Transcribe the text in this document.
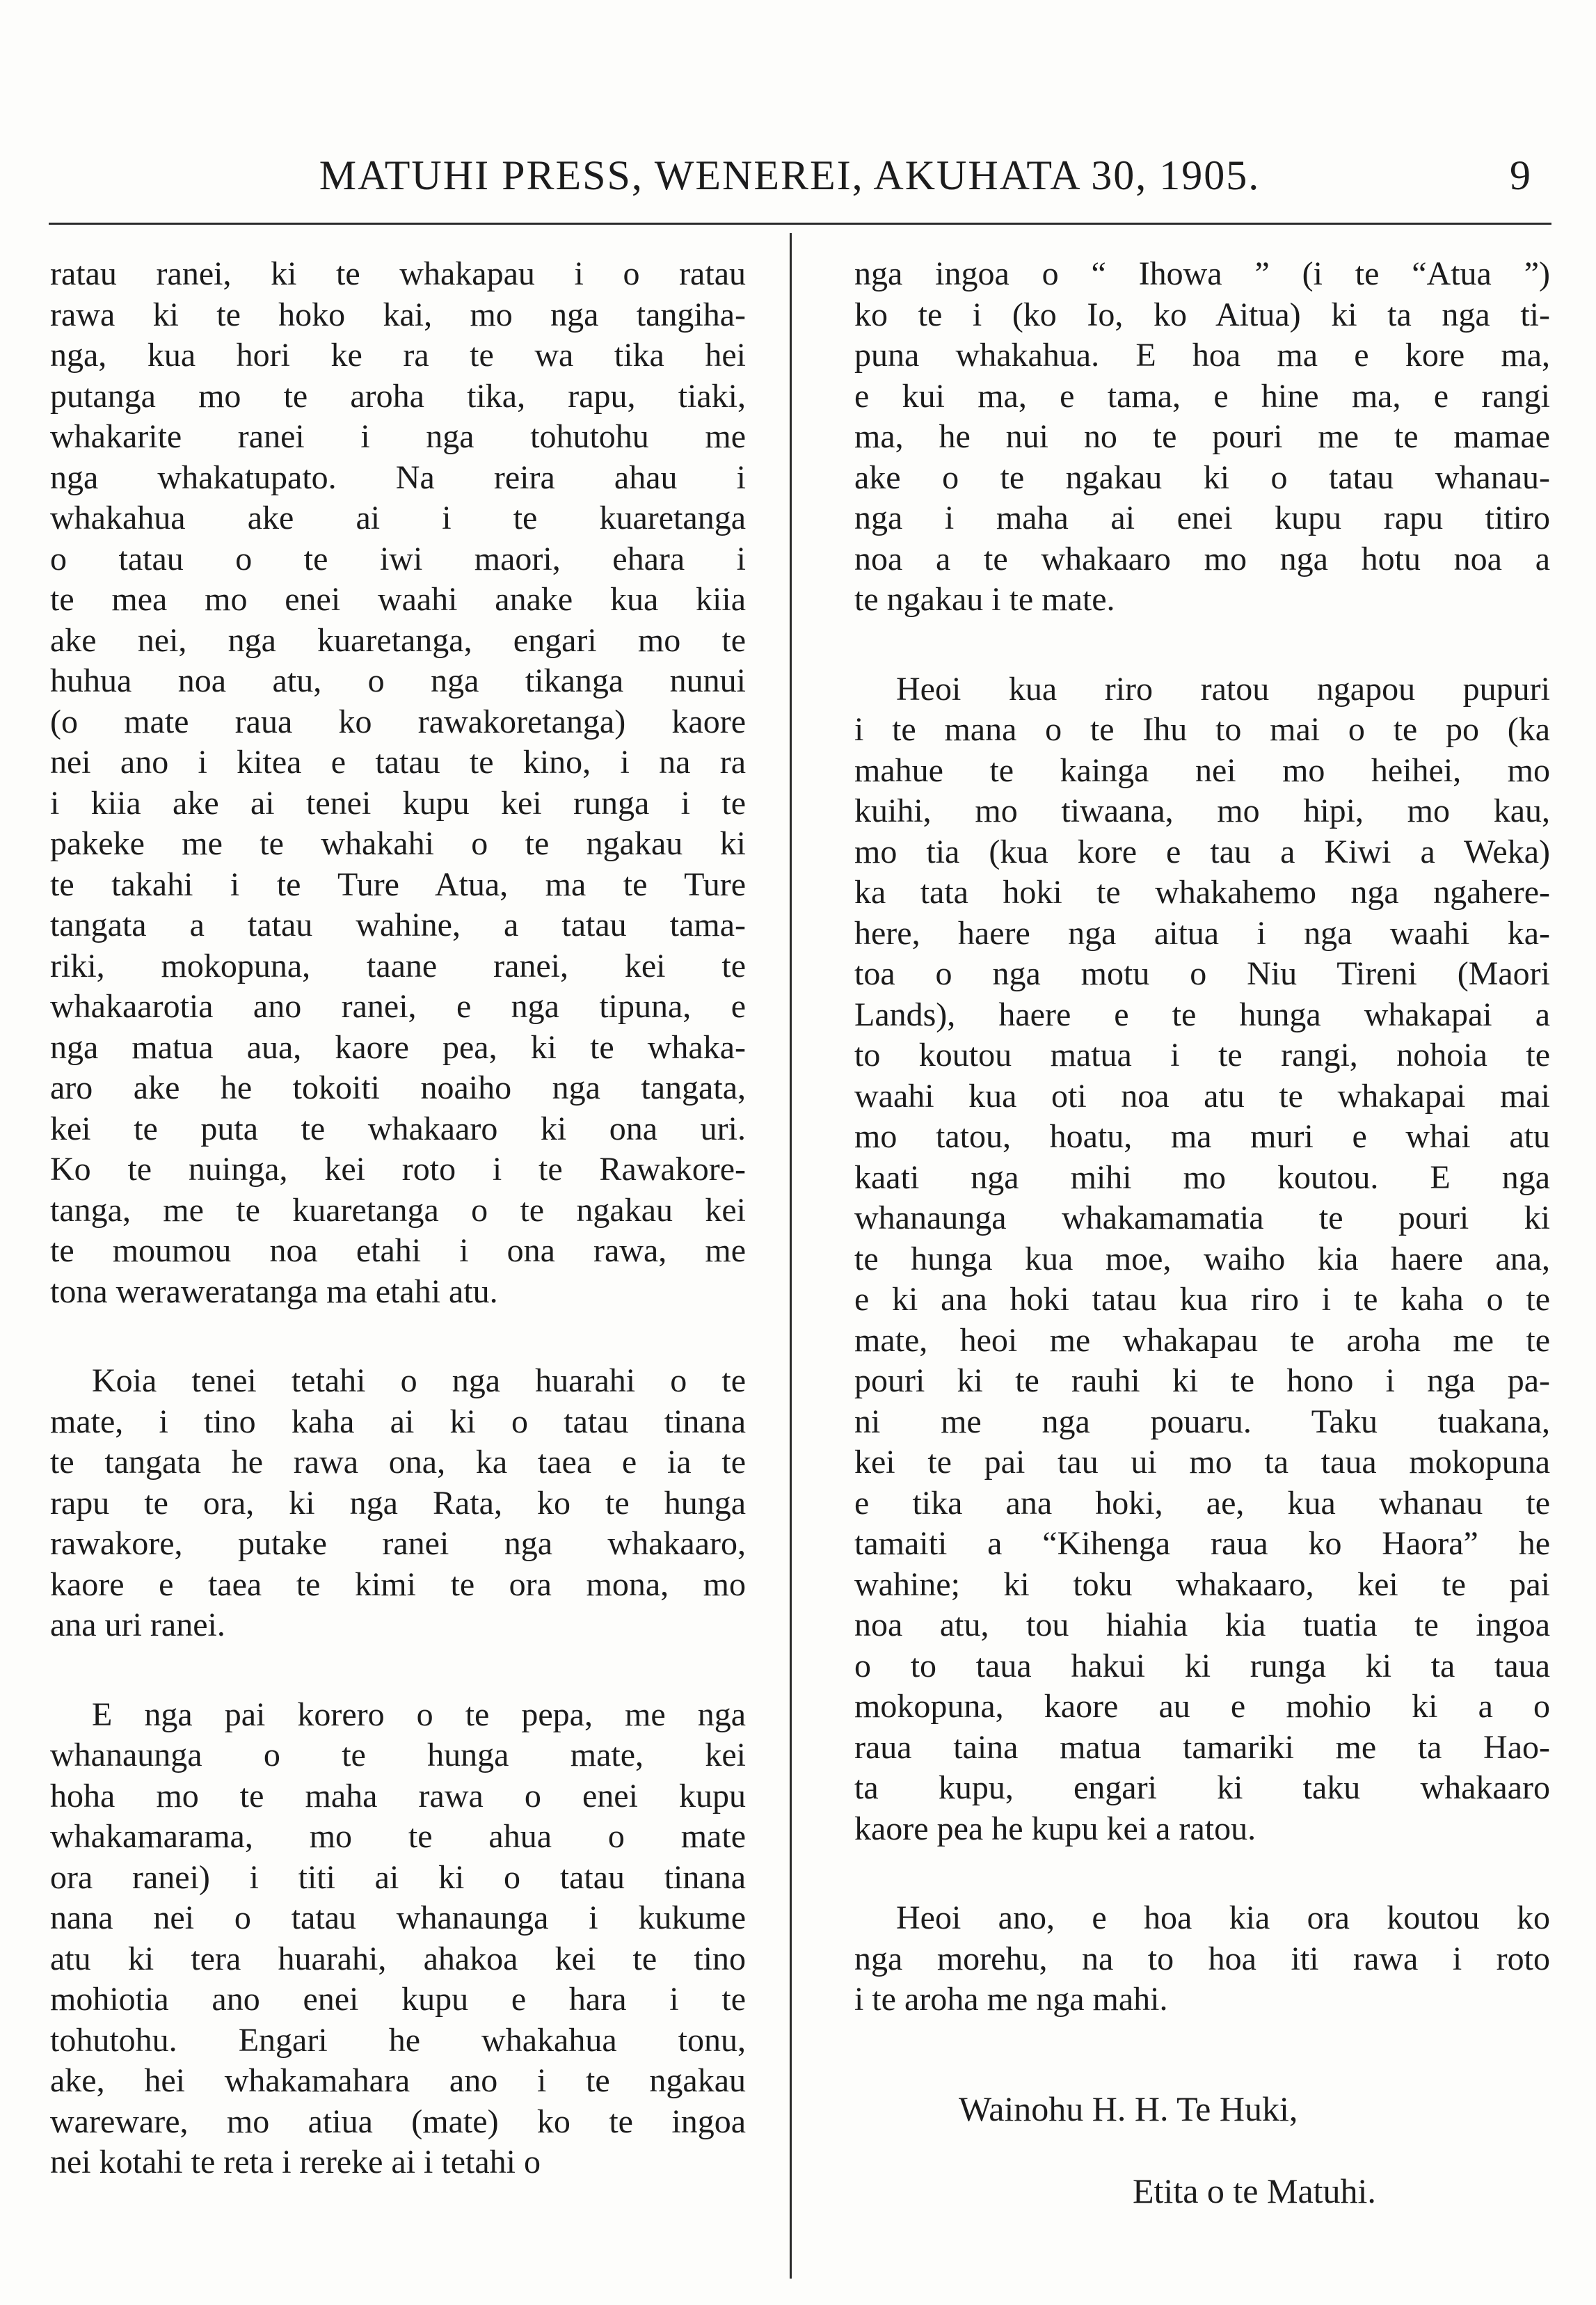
MATUHI PRESS, WENEREI, AKUHATA 30, 1905.	9
ratau ranei, ki te whakapau i o ratau
rawa ki te hoko kai, mo nga tangiha-
nga, kua hori ke ra te wa tika hei
putanga mo te aroha tika, rapu, tiaki,
whakarite ranei i nga tohutohu me
nga whakatupato. Na reira ahau i
whakahua ake ai i te kuaretanga
o tatau o te iwi maori, ehara i
te mea mo enei waahi anake kua kiia
ake nei, nga kuaretanga, engari mo te
huhua noa atu, o nga tikanga nunui
(o mate raua ko rawakoretanga) kaore
nei ano i kitea e tatau te kino, i na ra
i kiia ake ai tenei kupu kei runga i te
pakeke me te whakahi o te ngakau ki
te takahi i te Ture Atua, ma te Ture
tangata a tatau wahine, a tatau tama-
riki, mokopuna, taane ranei, kei te
whakaarotia ano ranei, e nga tipuna, e
nga matua aua, kaore pea, ki te whaka-
aro ake he tokoiti noaiho nga tangata,
kei te puta te whakaaro ki ona uri.
Ko te nuinga, kei roto i te Rawakore-
tanga, me te kuaretanga o te ngakau kei
te moumou noa etahi i ona rawa, me
tona weraweratanga ma etahi atu.
Koia tenei tetahi o nga huarahi o te
mate, i tino kaha ai ki o tatau tinana
te tangata he rawa ona, ka taea e ia te
rapu te ora, ki nga Rata, ko te hunga
rawakore, putake ranei nga whakaaro,
kaore e taea te kimi te ora mona, mo
ana uri ranei.
E nga pai korero o te pepa, me nga
whanaunga o te hunga mate, kei
hoha mo te maha rawa o enei kupu
whakamarama, mo te ahua o mate
ora ranei) i titi ai ki o tatau tinana
nana nei o tatau whanaunga i kukume
atu ki tera huarahi, ahakoa kei te tino
mohiotia ano enei kupu e hara i te
tohutohu. Engari he whakahua tonu,
ake, hei whakamahara ano i te ngakau
wareware, mo atiua (mate) ko te ingoa
nei kotahi te reta i rereke ai i tetahi o
nga ingoa o “ Ihowa ” (i te “Atua ”)
ko te i (ko Io, ko Aitua) ki ta nga ti-
puna whakahua. E hoa ma e kore ma,
e kui ma, e tama, e hine ma, e rangi
ma, he nui no te pouri me te mamae
ake o te ngakau ki o tatau whanau-
nga i maha ai enei kupu rapu titiro
noa a te whakaaro mo nga hotu noa a
te ngakau i te mate.
Heoi kua riro ratou ngapou pupuri
i te mana o te Ihu to mai o te po (ka
mahue te kainga nei mo heihei, mo
kuihi, mo tiwaana, mo hipi, mo kau,
mo tia (kua kore e tau a Kiwi a Weka)
ka tata hoki te whakahemo nga ngahere-
here, haere nga aitua i nga waahi ka-
toa o nga motu o Niu Tireni (Maori
Lands), haere e te hunga whakapai a
to koutou matua i te rangi, nohoia te
waahi kua oti noa atu te whakapai mai
mo tatou, hoatu, ma muri e whai atu
kaati nga mihi mo koutou. E nga
whanaunga whakamamatia te pouri ki
te hunga kua moe, waiho kia haere ana,
e ki ana hoki tatau kua riro i te kaha o te
mate, heoi me whakapau te aroha me te
pouri ki te rauhi ki te hono i nga pa-
ni me nga pouaru. Taku tuakana,
kei te pai tau ui mo ta taua mokopuna
e tika ana hoki, ae, kua whanau te
tamaiti a “Kihenga raua ko Haora” he
wahine; ki toku whakaaro, kei te pai
noa atu, tou hiahia kia tuatia te ingoa
o to taua hakui ki runga ki ta taua
mokopuna, kaore au e mohio ki a o
raua taina matua tamariki me ta Hao-
ta kupu, engari ki taku whakaaro
kaore pea he kupu kei a ratou.
Heoi ano, e hoa kia ora koutou ko
nga morehu, na to hoa iti rawa i roto
i te aroha me nga mahi.
Wainohu H. H. Te Huki,
Etita o te Matuhi.
